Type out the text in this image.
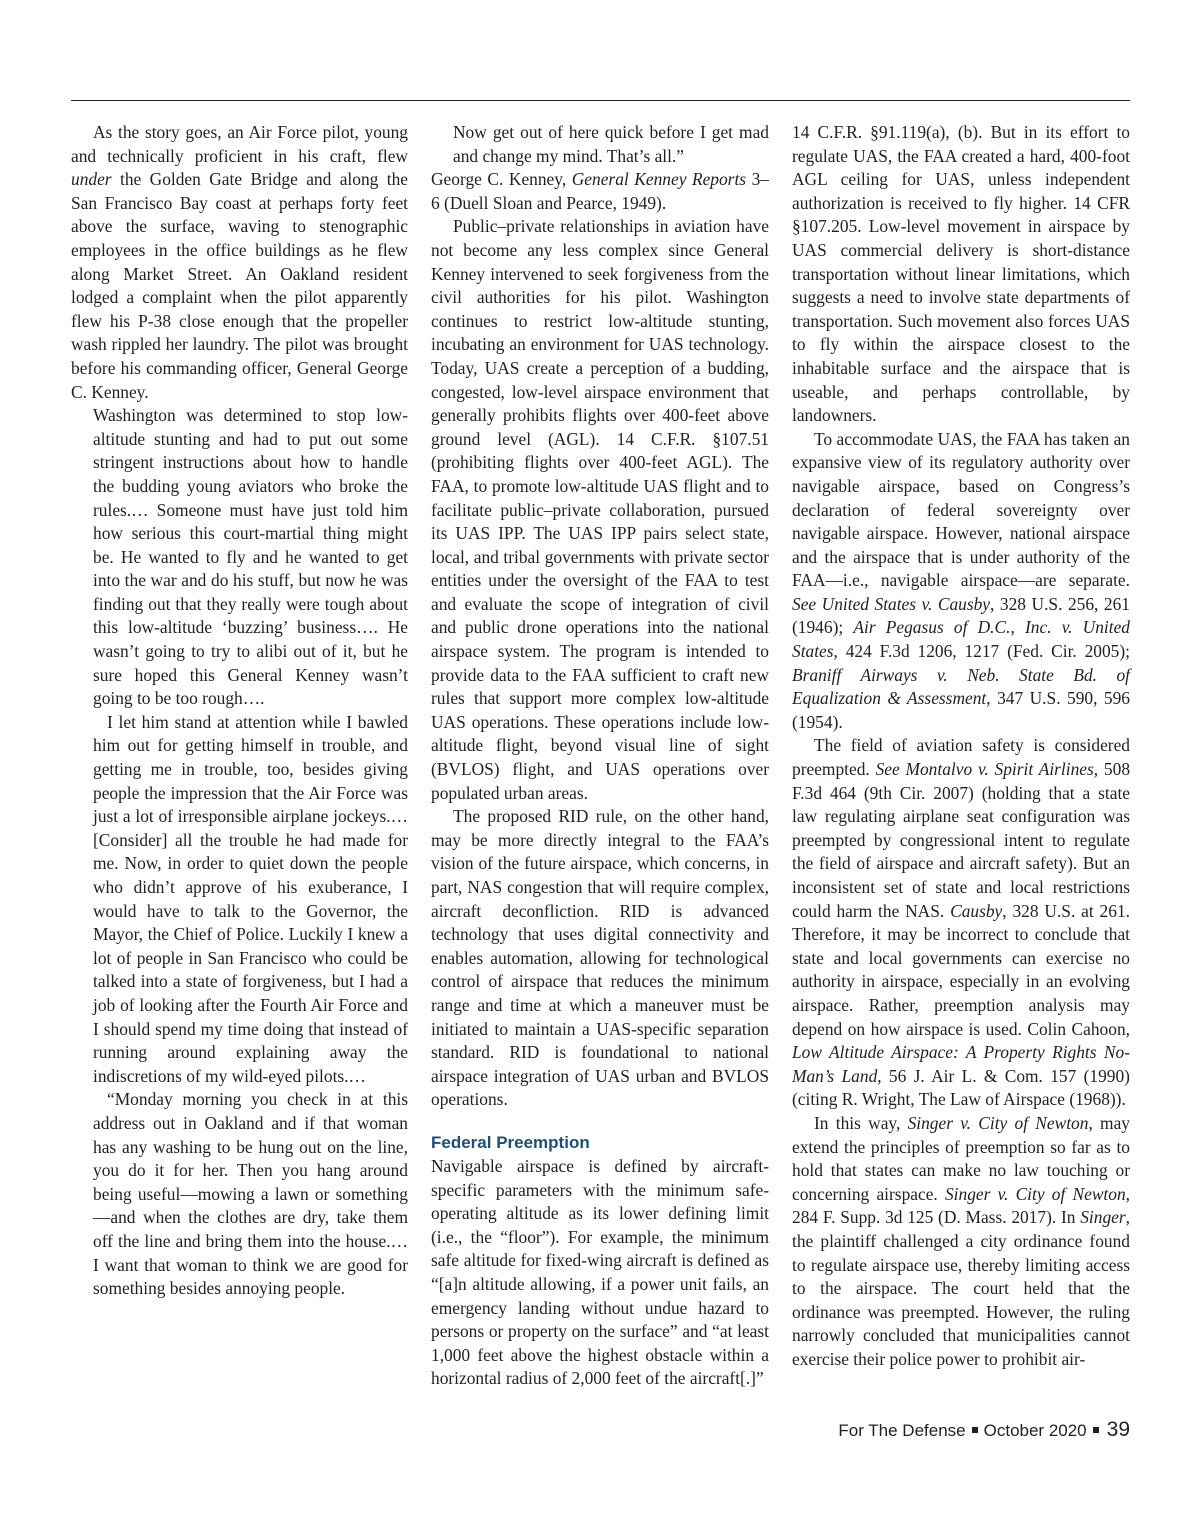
As the story goes, an Air Force pilot, young and technically proficient in his craft, flew under the Golden Gate Bridge and along the San Francisco Bay coast at perhaps forty feet above the surface, waving to stenographic employees in the office buildings as he flew along Market Street. An Oakland resident lodged a complaint when the pilot apparently flew his P-38 close enough that the propeller wash rippled her laundry. The pilot was brought before his commanding officer, General George C. Kenney.

Washington was determined to stop low-altitude stunting and had to put out some stringent instructions about how to handle the budding young aviators who broke the rules.… Someone must have just told him how serious this court-martial thing might be. He wanted to fly and he wanted to get into the war and do his stuff, but now he was finding out that they really were tough about this low-altitude ‘buzzing’ business…. He wasn’t going to try to alibi out of it, but he sure hoped this General Kenney wasn’t going to be too rough….

I let him stand at attention while I bawled him out for getting himself in trouble, and getting me in trouble, too, besides giving people the impression that the Air Force was just a lot of irresponsible airplane jockeys.… [Consider] all the trouble he had made for me. Now, in order to quiet down the people who didn’t approve of his exuberance, I would have to talk to the Governor, the Mayor, the Chief of Police. Luckily I knew a lot of people in San Francisco who could be talked into a state of forgiveness, but I had a job of looking after the Fourth Air Force and I should spend my time doing that instead of running around explaining away the indiscretions of my wild-eyed pilots.…

“Monday morning you check in at this address out in Oakland and if that woman has any washing to be hung out on the line, you do it for her. Then you hang around being useful—mowing a lawn or something—and when the clothes are dry, take them off the line and bring them into the house.… I want that woman to think we are good for something besides annoying people.

Now get out of here quick before I get mad and change my mind. That’s all.”

George C. Kenney, General Kenney Reports 3–6 (Duell Sloan and Pearce, 1949).

Public–private relationships in aviation have not become any less complex since General Kenney intervened to seek forgiveness from the civil authorities for his pilot. Washington continues to restrict low-altitude stunting, incubating an environment for UAS technology. Today, UAS create a perception of a budding, congested, low-level airspace environment that generally prohibits flights over 400-feet above ground level (AGL). 14 C.F.R. §107.51 (prohibiting flights over 400-feet AGL). The FAA, to promote low-altitude UAS flight and to facilitate public–private collaboration, pursued its UAS IPP. The UAS IPP pairs select state, local, and tribal governments with private sector entities under the oversight of the FAA to test and evaluate the scope of integration of civil and public drone operations into the national airspace system. The program is intended to provide data to the FAA sufficient to craft new rules that support more complex low-altitude UAS operations. These operations include low-altitude flight, beyond visual line of sight (BVLOS) flight, and UAS operations over populated urban areas.

The proposed RID rule, on the other hand, may be more directly integral to the FAA’s vision of the future airspace, which concerns, in part, NAS congestion that will require complex, aircraft deconfliction. RID is advanced technology that uses digital connectivity and enables automation, allowing for technological control of airspace that reduces the minimum range and time at which a maneuver must be initiated to maintain a UAS-specific separation standard. RID is foundational to national airspace integration of UAS urban and BVLOS operations.

Federal Preemption

Navigable airspace is defined by aircraft-specific parameters with the minimum safe-operating altitude as its lower defining limit (i.e., the “floor”). For example, the minimum safe altitude for fixed-wing aircraft is defined as “[a]n altitude allowing, if a power unit fails, an emergency landing without undue hazard to persons or property on the surface” and “at least 1,000 feet above the highest obstacle within a horizontal radius of 2,000 feet of the aircraft[.]”

14 C.F.R. §91.119(a), (b). But in its effort to regulate UAS, the FAA created a hard, 400-foot AGL ceiling for UAS, unless independent authorization is received to fly higher. 14 CFR §107.205. Low-level movement in airspace by UAS commercial delivery is short-distance transportation without linear limitations, which suggests a need to involve state departments of transportation. Such movement also forces UAS to fly within the airspace closest to the inhabitable surface and the airspace that is useable, and perhaps controllable, by landowners.

To accommodate UAS, the FAA has taken an expansive view of its regulatory authority over navigable airspace, based on Congress’s declaration of federal sovereignty over navigable airspace. However, national airspace and the airspace that is under authority of the FAA—i.e., navigable airspace—are separate. See United States v. Causby, 328 U.S. 256, 261 (1946); Air Pegasus of D.C., Inc. v. United States, 424 F.3d 1206, 1217 (Fed. Cir. 2005); Braniff Airways v. Neb. State Bd. of Equalization & Assessment, 347 U.S. 590, 596 (1954).

The field of aviation safety is considered preempted. See Montalvo v. Spirit Airlines, 508 F.3d 464 (9th Cir. 2007) (holding that a state law regulating airplane seat configuration was preempted by congressional intent to regulate the field of airspace and aircraft safety). But an inconsistent set of state and local restrictions could harm the NAS. Causby, 328 U.S. at 261. Therefore, it may be incorrect to conclude that state and local governments can exercise no authority in airspace, especially in an evolving airspace. Rather, preemption analysis may depend on how airspace is used. Colin Cahoon, Low Altitude Airspace: A Property Rights No-Man’s Land, 56 J. Air L. & Com. 157 (1990) (citing R. Wright, The Law of Airspace (1968)).

In this way, Singer v. City of Newton, may extend the principles of preemption so far as to hold that states can make no law touching or concerning airspace. Singer v. City of Newton, 284 F. Supp. 3d 125 (D. Mass. 2017). In Singer, the plaintiff challenged a city ordinance found to regulate airspace use, thereby limiting access to the airspace. The court held that the ordinance was preempted. However, the ruling narrowly concluded that municipalities cannot exercise their police power to prohibit air-

For The Defense October 2020 39
